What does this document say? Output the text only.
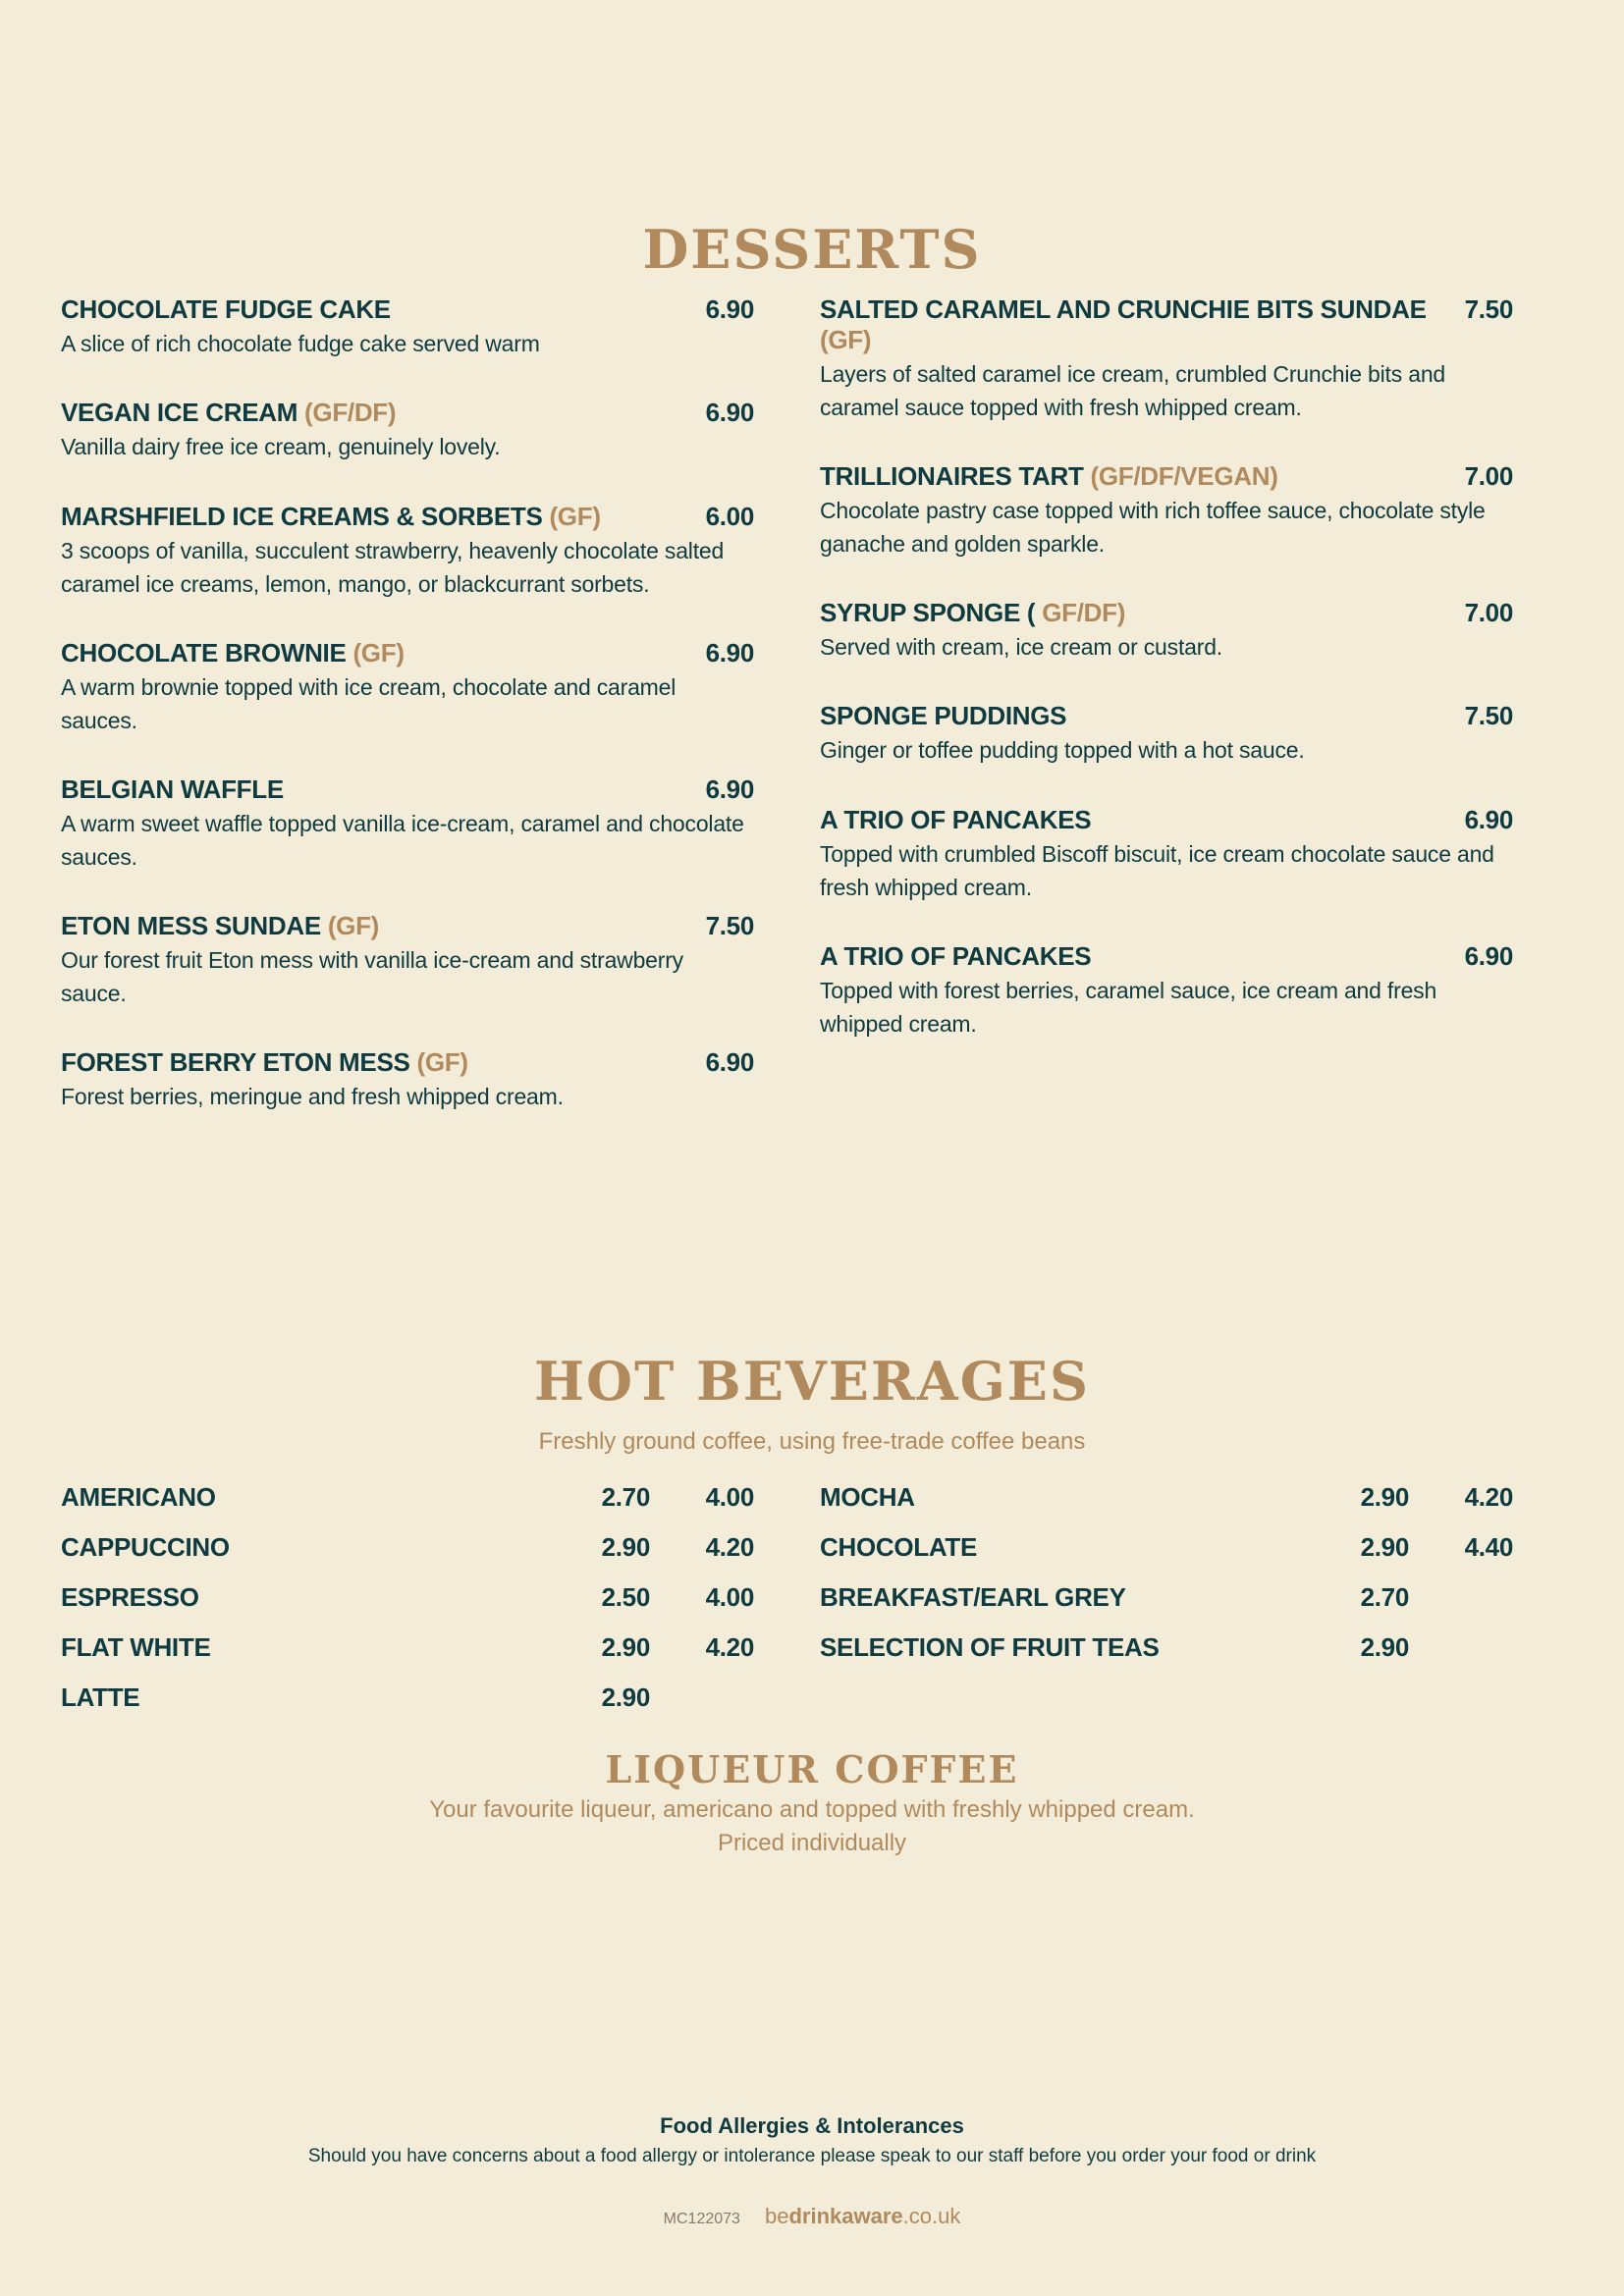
DESSERTS
CHOCOLATE FUDGE CAKE	6.90
A slice of rich chocolate fudge cake served warm
VEGAN ICE CREAM (GF/DF)	6.90
Vanilla dairy free ice cream, genuinely lovely.
MARSHFIELD ICE CREAMS & SORBETS (GF)	6.00
3 scoops of vanilla, succulent strawberry, heavenly chocolate salted caramel ice creams, lemon, mango, or blackcurrant sorbets.
CHOCOLATE BROWNIE (GF)	6.90
A warm brownie topped with ice cream, chocolate and caramel sauces.
BELGIAN WAFFLE	6.90
A warm sweet waffle topped vanilla ice-cream, caramel and chocolate sauces.
ETON MESS SUNDAE (GF)	7.50
Our forest fruit Eton mess with vanilla ice-cream and strawberry sauce.
FOREST BERRY ETON MESS (GF)	6.90
Forest berries, meringue and fresh whipped cream.
SALTED CARAMEL AND CRUNCHIE BITS SUNDAE (GF)
7.50
Layers of salted caramel ice cream, crumbled Crunchie bits and caramel sauce topped with fresh whipped cream.
TRILLIONAIRES TART (GF/DF/VEGAN)	7.00
Chocolate pastry case topped with rich toffee sauce, chocolate style ganache and golden sparkle.
SYRUP SPONGE ( GF/DF)	7.00
Served with cream, ice cream or custard.
SPONGE PUDDINGS	7.50
Ginger or toffee pudding topped with a hot sauce.
A TRIO OF PANCAKES	6.90
Topped with crumbled Biscoff biscuit, ice cream chocolate sauce and fresh whipped cream.
A TRIO OF PANCAKES	6.90
Topped with forest berries, caramel sauce, ice cream and fresh whipped cream.
HOT BEVERAGES
Freshly ground coffee, using free-trade coffee beans
AMERICANO	2.70	4.00
CAPPUCCINO	2.90	4.20
ESPRESSO	2.50	4.00
FLAT WHITE	2.90	4.20
LATTE	2.90
MOCHA	2.90	4.20
CHOCOLATE	2.90	4.40
BREAKFAST/EARL GREY	2.70
SELECTION OF FRUIT TEAS	2.90
LIQUEUR COFFEE
Your favourite liqueur, americano and topped with freshly whipped cream.
Priced individually
Food Allergies & Intolerances
Should you have concerns about a food allergy or intolerance please speak to our staff before you order your food or drink
MC122073 bedrinkaware.co.uk
